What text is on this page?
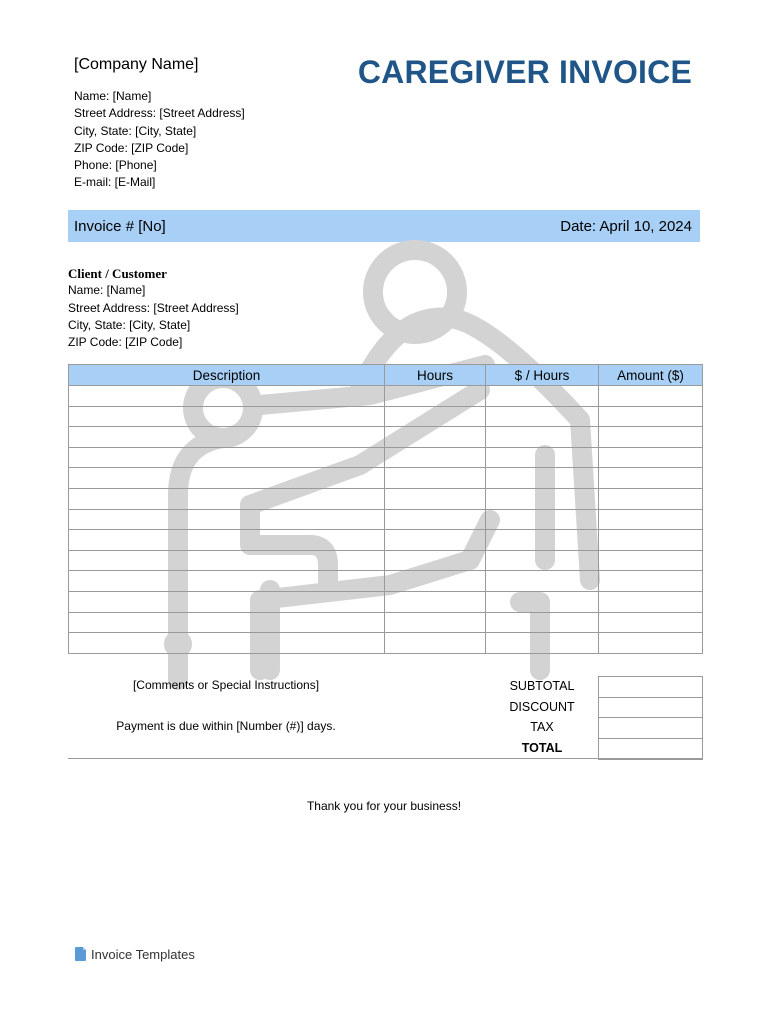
[Company Name]
Name: [Name]
Street Address: [Street Address]
City, State: [City, State]
ZIP Code: [ZIP Code]
Phone: [Phone]
E-mail: [E-Mail]
CAREGIVER INVOICE
Invoice # [No]	Date: April 10, 2024
Client / Customer
Name: [Name]
Street Address: [Street Address]
City, State: [City, State]
ZIP Code: [ZIP Code]
Description	Hours	$ / Hours	Amount ($)

[Comments or Special Instructions]
Payment is due within [Number (#)] days.
SUBTOTAL
DISCOUNT
TAX
TOTAL
Thank you for your business!
Invoice Templates
